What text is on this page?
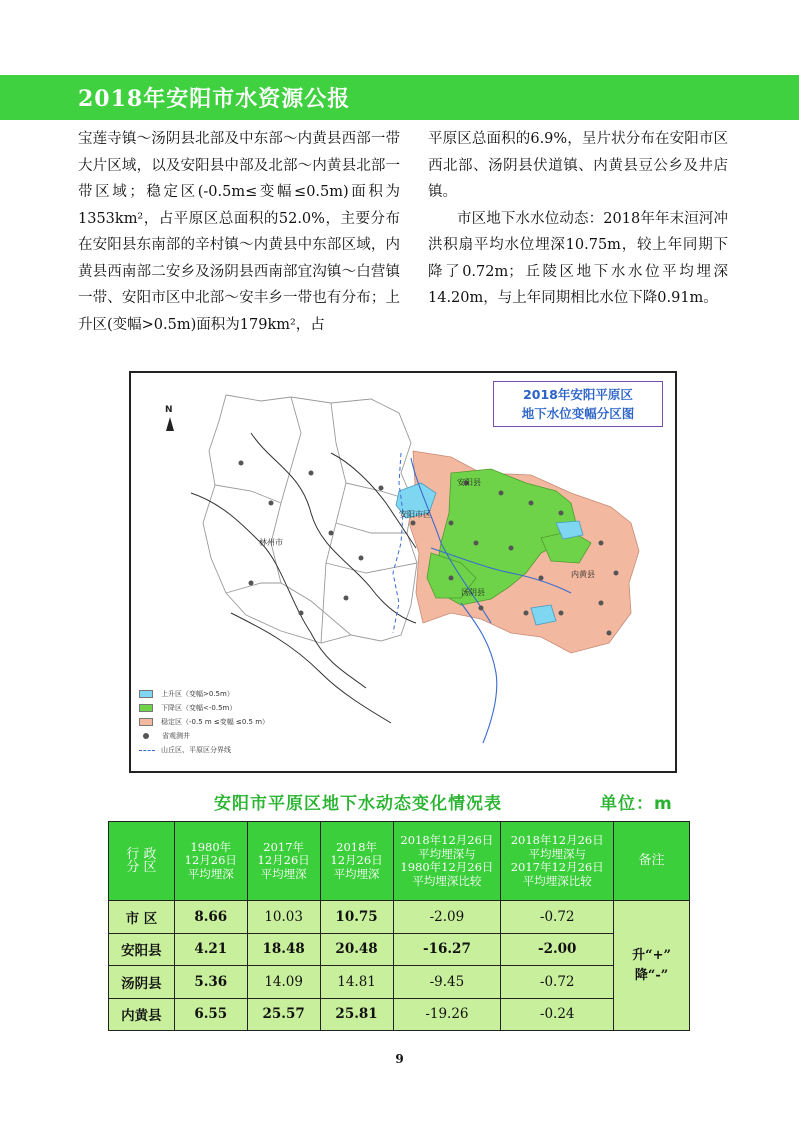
2018年安阳市水资源公报

宝莲寺镇～汤阴县北部及中东部～内黄县西部一带大片区域，以及安阳县中部及北部～内黄县北部一带区域；稳定区(-0.5m≤变幅≤0.5m)面积为1353km²，占平原区总面积的52.0%，主要分布在安阳县东南部的辛村镇～内黄县中东部区域，内黄县西南部二安乡及汤阴县西南部宜沟镇～白营镇一带、安阳市区中北部～安丰乡一带也有分布；上升区(变幅>0.5m)面积为179km²，占

平原区总面积的6.9%，呈片状分布在安阳市区西北部、汤阴县伏道镇、内黄县豆公乡及井店镇。

市区地下水水位动态：2018年年末洹河冲洪积扇平均水位埋深10.75m，较上年同期下降了0.72m；丘陵区地下水水位平均埋深14.20m，与上年同期相比水位下降0.91m。

N
2018年安阳平原区
地下水位变幅分区图
林州市
安阳市区
安阳县
汤阴县
内黄县
上升区（变幅>0.5m）
下降区（变幅<-0.5m）
稳定区（-0.5 m ≤变幅 ≤0.5 m）
省观测井
山丘区、平原区分界线
安阳市平原区地下水动态变化情况表	单位：m
行 政
分 区	1980年
12月26日
平均埋深	2017年
12月26日
平均埋深	2018年
12月26日
平均埋深	2018年12月26日
平均埋深与
1980年12月26日
平均埋深比较	2018年12月26日
平均埋深与
2017年12月26日
平均埋深比较	备注
市 区	8.66	10.03	10.75	-2.09	-0.72	升“+”
降“-”

安阳县	4.21	18.48	20.48	-16.27	-2.00	
汤阴县	5.36	14.09	14.81	-9.45	-0.72	
内黄县	6.55	25.57	25.81	-19.26	-0.24	
9
